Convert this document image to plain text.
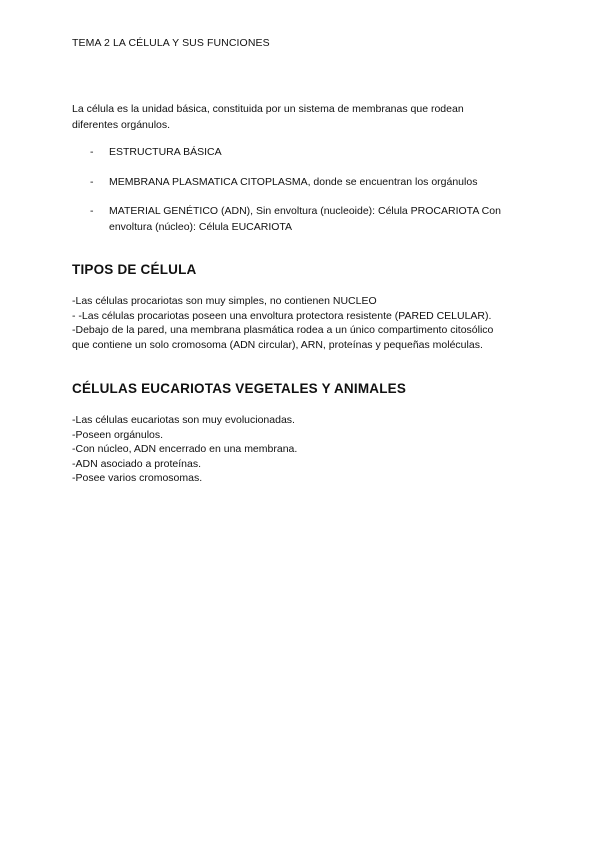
TEMA 2 LA CÉLULA Y SUS FUNCIONES
La célula es la unidad básica, constituida por un sistema de membranas que rodean diferentes orgánulos.
- ESTRUCTURA BÁSICA
- MEMBRANA PLASMATICA CITOPLASMA, donde se encuentran los orgánulos
- MATERIAL GENÉTICO (ADN), Sin envoltura (nucleoide): Célula PROCARIOTA Con envoltura (núcleo): Célula EUCARIOTA
TIPOS DE CÉLULA
-Las células procariotas son muy simples, no contienen NUCLEO
- -Las células procariotas poseen una envoltura protectora resistente (PARED CELULAR).
-Debajo de la pared, una membrana plasmática rodea a un único compartimento citosólico
que contiene un solo cromosoma (ADN circular), ARN, proteínas y pequeñas moléculas.
CÉLULAS EUCARIOTAS VEGETALES Y ANIMALES
-Las células eucariotas son muy evolucionadas.
-Poseen orgánulos.
-Con núcleo, ADN encerrado en una membrana.
-ADN asociado a proteínas.
-Posee varios cromosomas.
